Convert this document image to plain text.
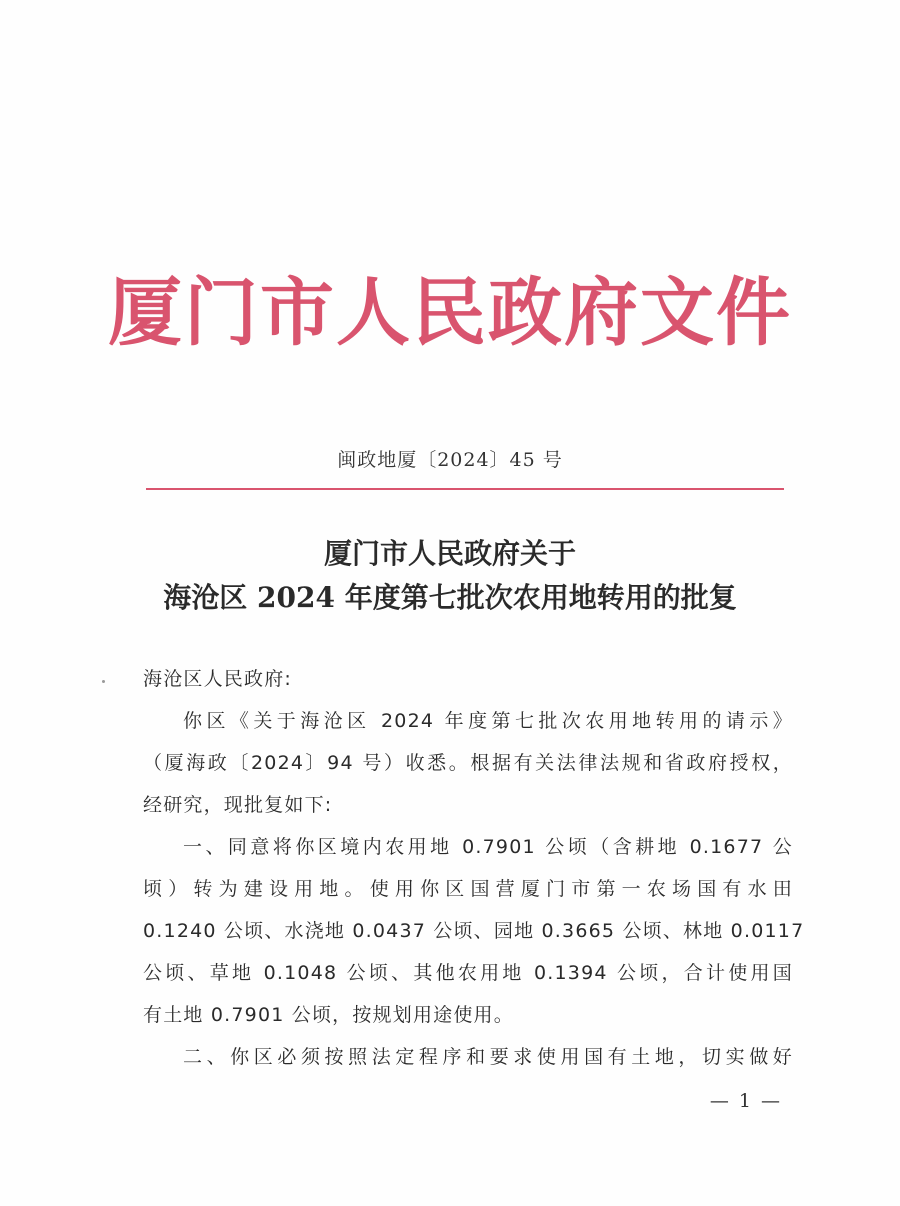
厦门市人民政府文件
闽政地厦〔2024〕45 号
厦门市人民政府关于
海沧区 2024 年度第七批次农用地转用的批复
海沧区人民政府:
你区《关于海沧区 2024 年度第七批次农用地转用的请示》
（厦海政〔2024〕94 号）收悉。根据有关法律法规和省政府授权，
经研究，现批复如下:
一、同意将你区境内农用地 0.7901 公顷（含耕地 0.1677 公
顷）转为建设用地。使用你区国营厦门市第一农场国有水田
0.1240 公顷、水浇地 0.0437 公顷、园地 0.3665 公顷、林地 0.0117
公顷、草地 0.1048 公顷、其他农用地 0.1394 公顷，合计使用国
有土地 0.7901 公顷，按规划用途使用。
二、你区必须按照法定程序和要求使用国有土地，切实做好
— 1 —
